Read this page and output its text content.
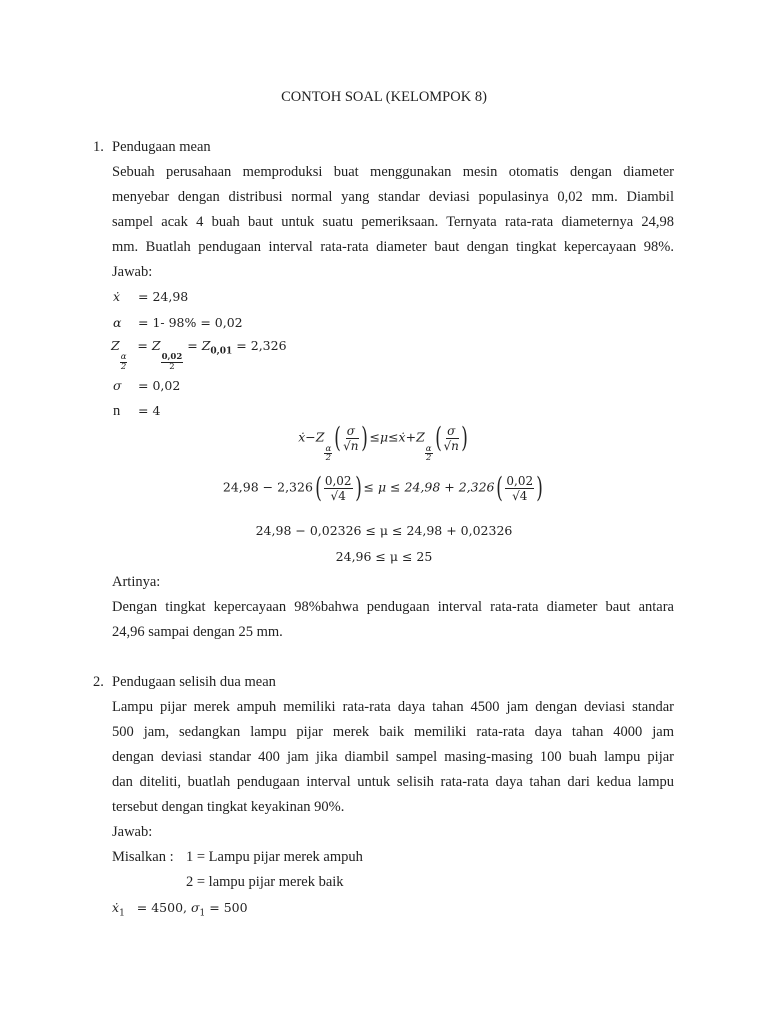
CONTOH SOAL (KELOMPOK 8)
1. Pendugaan mean
Sebuah perusahaan memproduksi buat menggunakan mesin otomatis dengan diameter
menyebar dengan distribusi normal yang standar deviasi populasinya 0,02 mm. Diambil
sampel acak 4 buah baut untuk suatu pemeriksaan. Ternyata rata-rata diameternya 24,98
mm. Buatlah pendugaan interval rata-rata diameter baut dengan tingkat kepercayaan 98%.
Jawab:
ẋ = 24,98
α = 1- 98% = 0,02
Z
$\frac{\alpha}{2}$
= Z
$\frac{0,02}{2}$
= $Z_{0,01} = 2,326$
σ = 0,02
n = 4
ẋ−Z
$\frac{\alpha}{2}$ ( $\frac{\sigma}{√n}$ ) ≤μ≤ẋ+Z
$\frac{\alpha}{2}$ ( $\frac{\sigma}{√n}$ )
$24,98 - 2,326( \frac{0,02}{√4}$ ) ≤ $\mu \le 24,98 + 2,326( \frac{0,02}{√4}$ )
24,98 − 0,02326 ≤ μ ≤ 24,98 + 0,02326
24,96 ≤ μ ≤ 25
Artinya:
Dengan tingkat kepercayaan 98%bahwa pendugaan interval rata-rata diameter baut antara
24,96 sampai dengan 25 mm.
2. Pendugaan selisih dua mean
Lampu pijar merek ampuh memiliki rata-rata daya tahan 4500 jam dengan deviasi standar
500 jam, sedangkan lampu pijar merek baik memiliki rata-rata daya tahan 4000 jam
dengan deviasi standar 400 jam jika diambil sampel masing-masing 100 buah lampu pijar
dan diteliti, buatlah pendugaan interval untuk selisih rata-rata daya tahan dari kedua lampu
tersebut dengan tingkat keyakinan 90%.
Jawab:
Misalkan : 1 = Lampu pijar merek ampuh
2 = lampu pijar merek baik
ẋ$_1$ = 4500, $\sigma_1 = 500$
